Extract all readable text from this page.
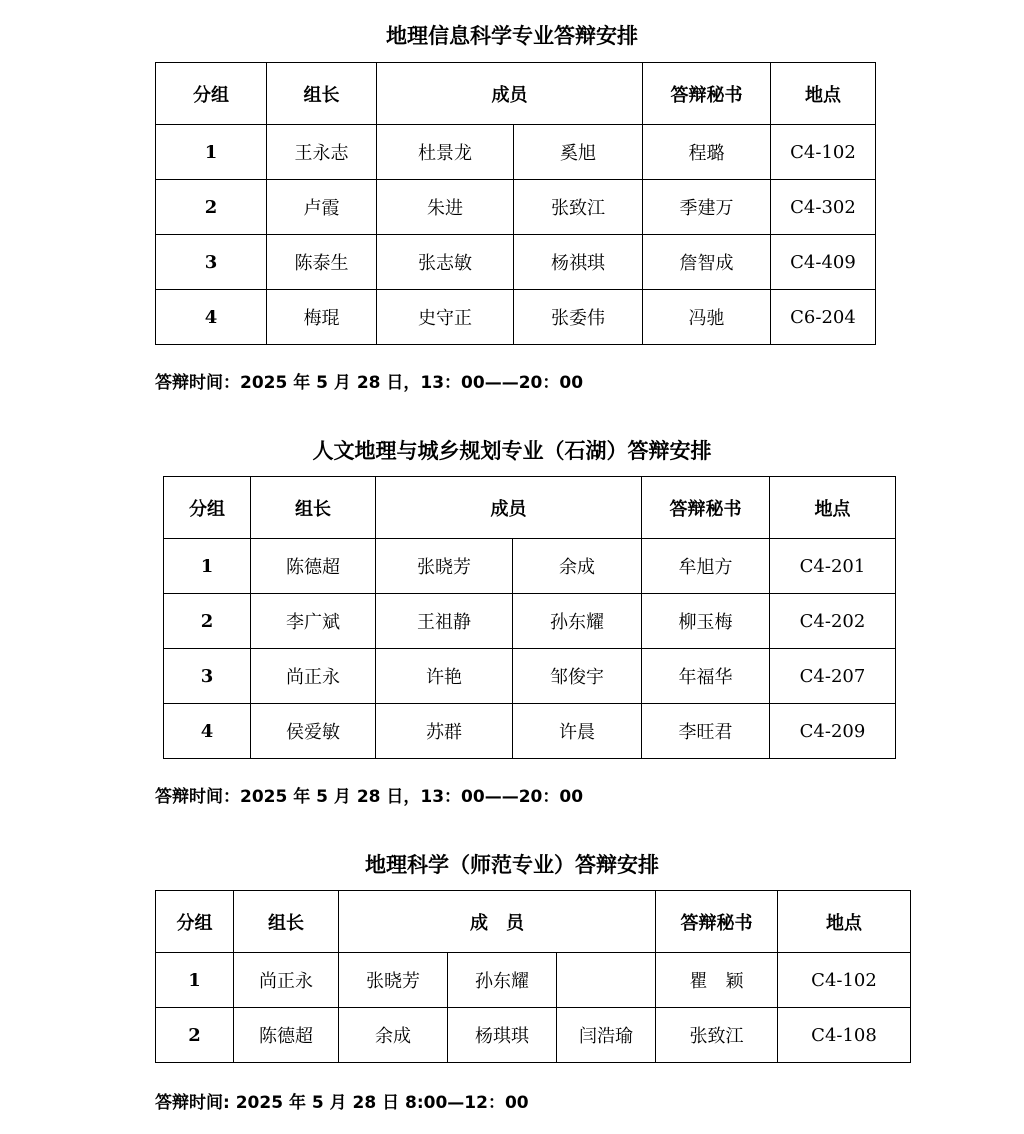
地理信息科学专业答辩安排
分组	组长	成员		答辩秘书	地点
1	王永志	杜景龙	奚旭	程璐	C4-102
2	卢霞	朱进	张致江	季建万	C4-302
3	陈泰生	张志敏	杨祺琪	詹智成	C4-409
4	梅琨	史守正	张委伟	冯驰	C6-204
答辩时间：2025 年 5 月 28 日，13：00——20：00
人文地理与城乡规划专业（石湖）答辩安排
分组	组长	成员		答辩秘书	地点
1	陈德超	张晓芳	余成	牟旭方	C4-201
2	李广斌	王祖静	孙东耀	柳玉梅	C4-202
3	尚正永	许艳	邹俊宇	年福华	C4-207
4	侯爱敏	苏群	许晨	李旺君	C4-209
答辩时间：2025 年 5 月 28 日，13：00——20：00
地理科学（师范专业）答辩安排
分组	组长	成　员			答辩秘书	地点
1	尚正永	张晓芳	孙东耀		瞿　颖	C4-102
2	陈德超	余成	杨琪琪	闫浩瑜	张致江	C4-108
答辩时间: 2025 年 5 月 28 日 8:00—12：00
